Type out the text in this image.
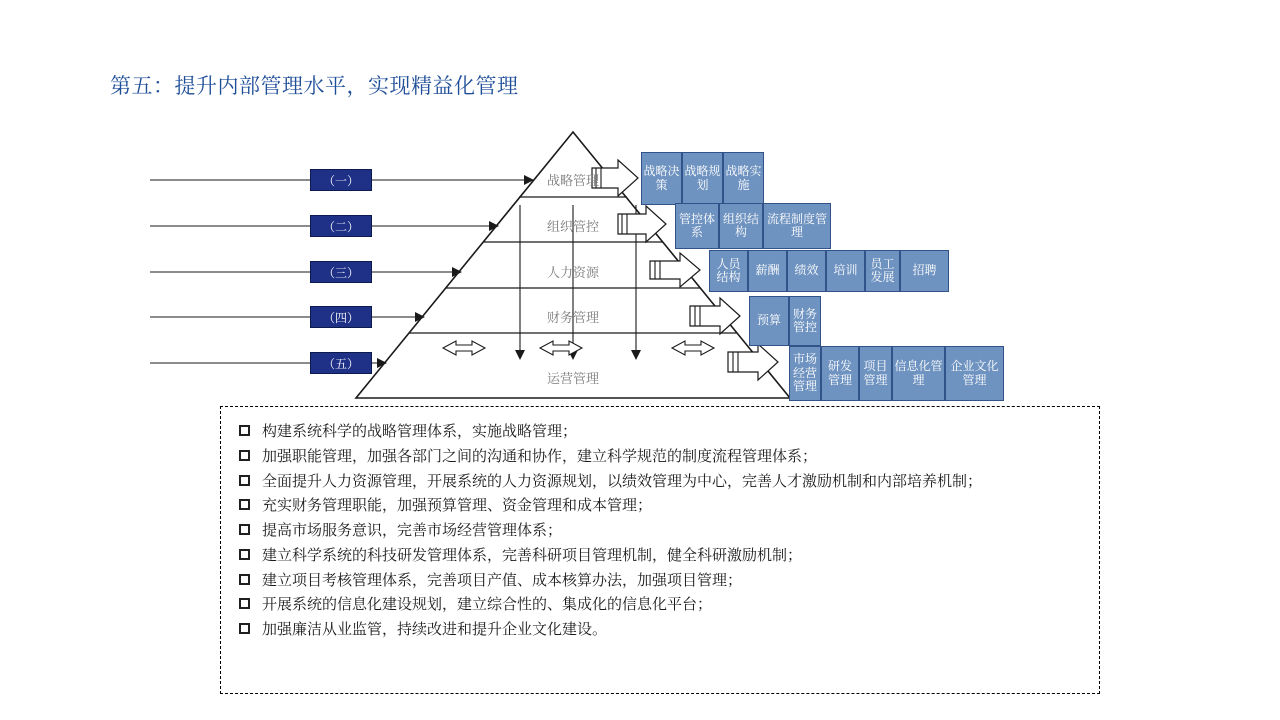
第五：提升内部管理水平，实现精益化管理
战略管理
组织管控
人力资源
财务管理
运营管理
（一）
（二）
（三）
（四）
（五）
战略决策
战略规划
战略实施
管控体系
组织结构
流程制度管理
人员结构	薪酬	绩效	培训	员工发展	招聘
预算 财务管控
市场经营管理
研发管理
项目管理
信息化管理
企业文化管理
构建系统科学的战略管理体系，实施战略管理；
加强职能管理，加强各部门之间的沟通和协作，建立科学规范的制度流程管理体系；
全面提升人力资源管理，开展系统的人力资源规划，以绩效管理为中心，完善人才激励机制和内部培养机制；
充实财务管理职能，加强预算管理、资金管理和成本管理；
提高市场服务意识，完善市场经营管理体系；
建立科学系统的科技研发管理体系，完善科研项目管理机制，健全科研激励机制；
建立项目考核管理体系，完善项目产值、成本核算办法，加强项目管理；
开展系统的信息化建设规划，建立综合性的、集成化的信息化平台；
加强廉洁从业监管，持续改进和提升企业文化建设。
